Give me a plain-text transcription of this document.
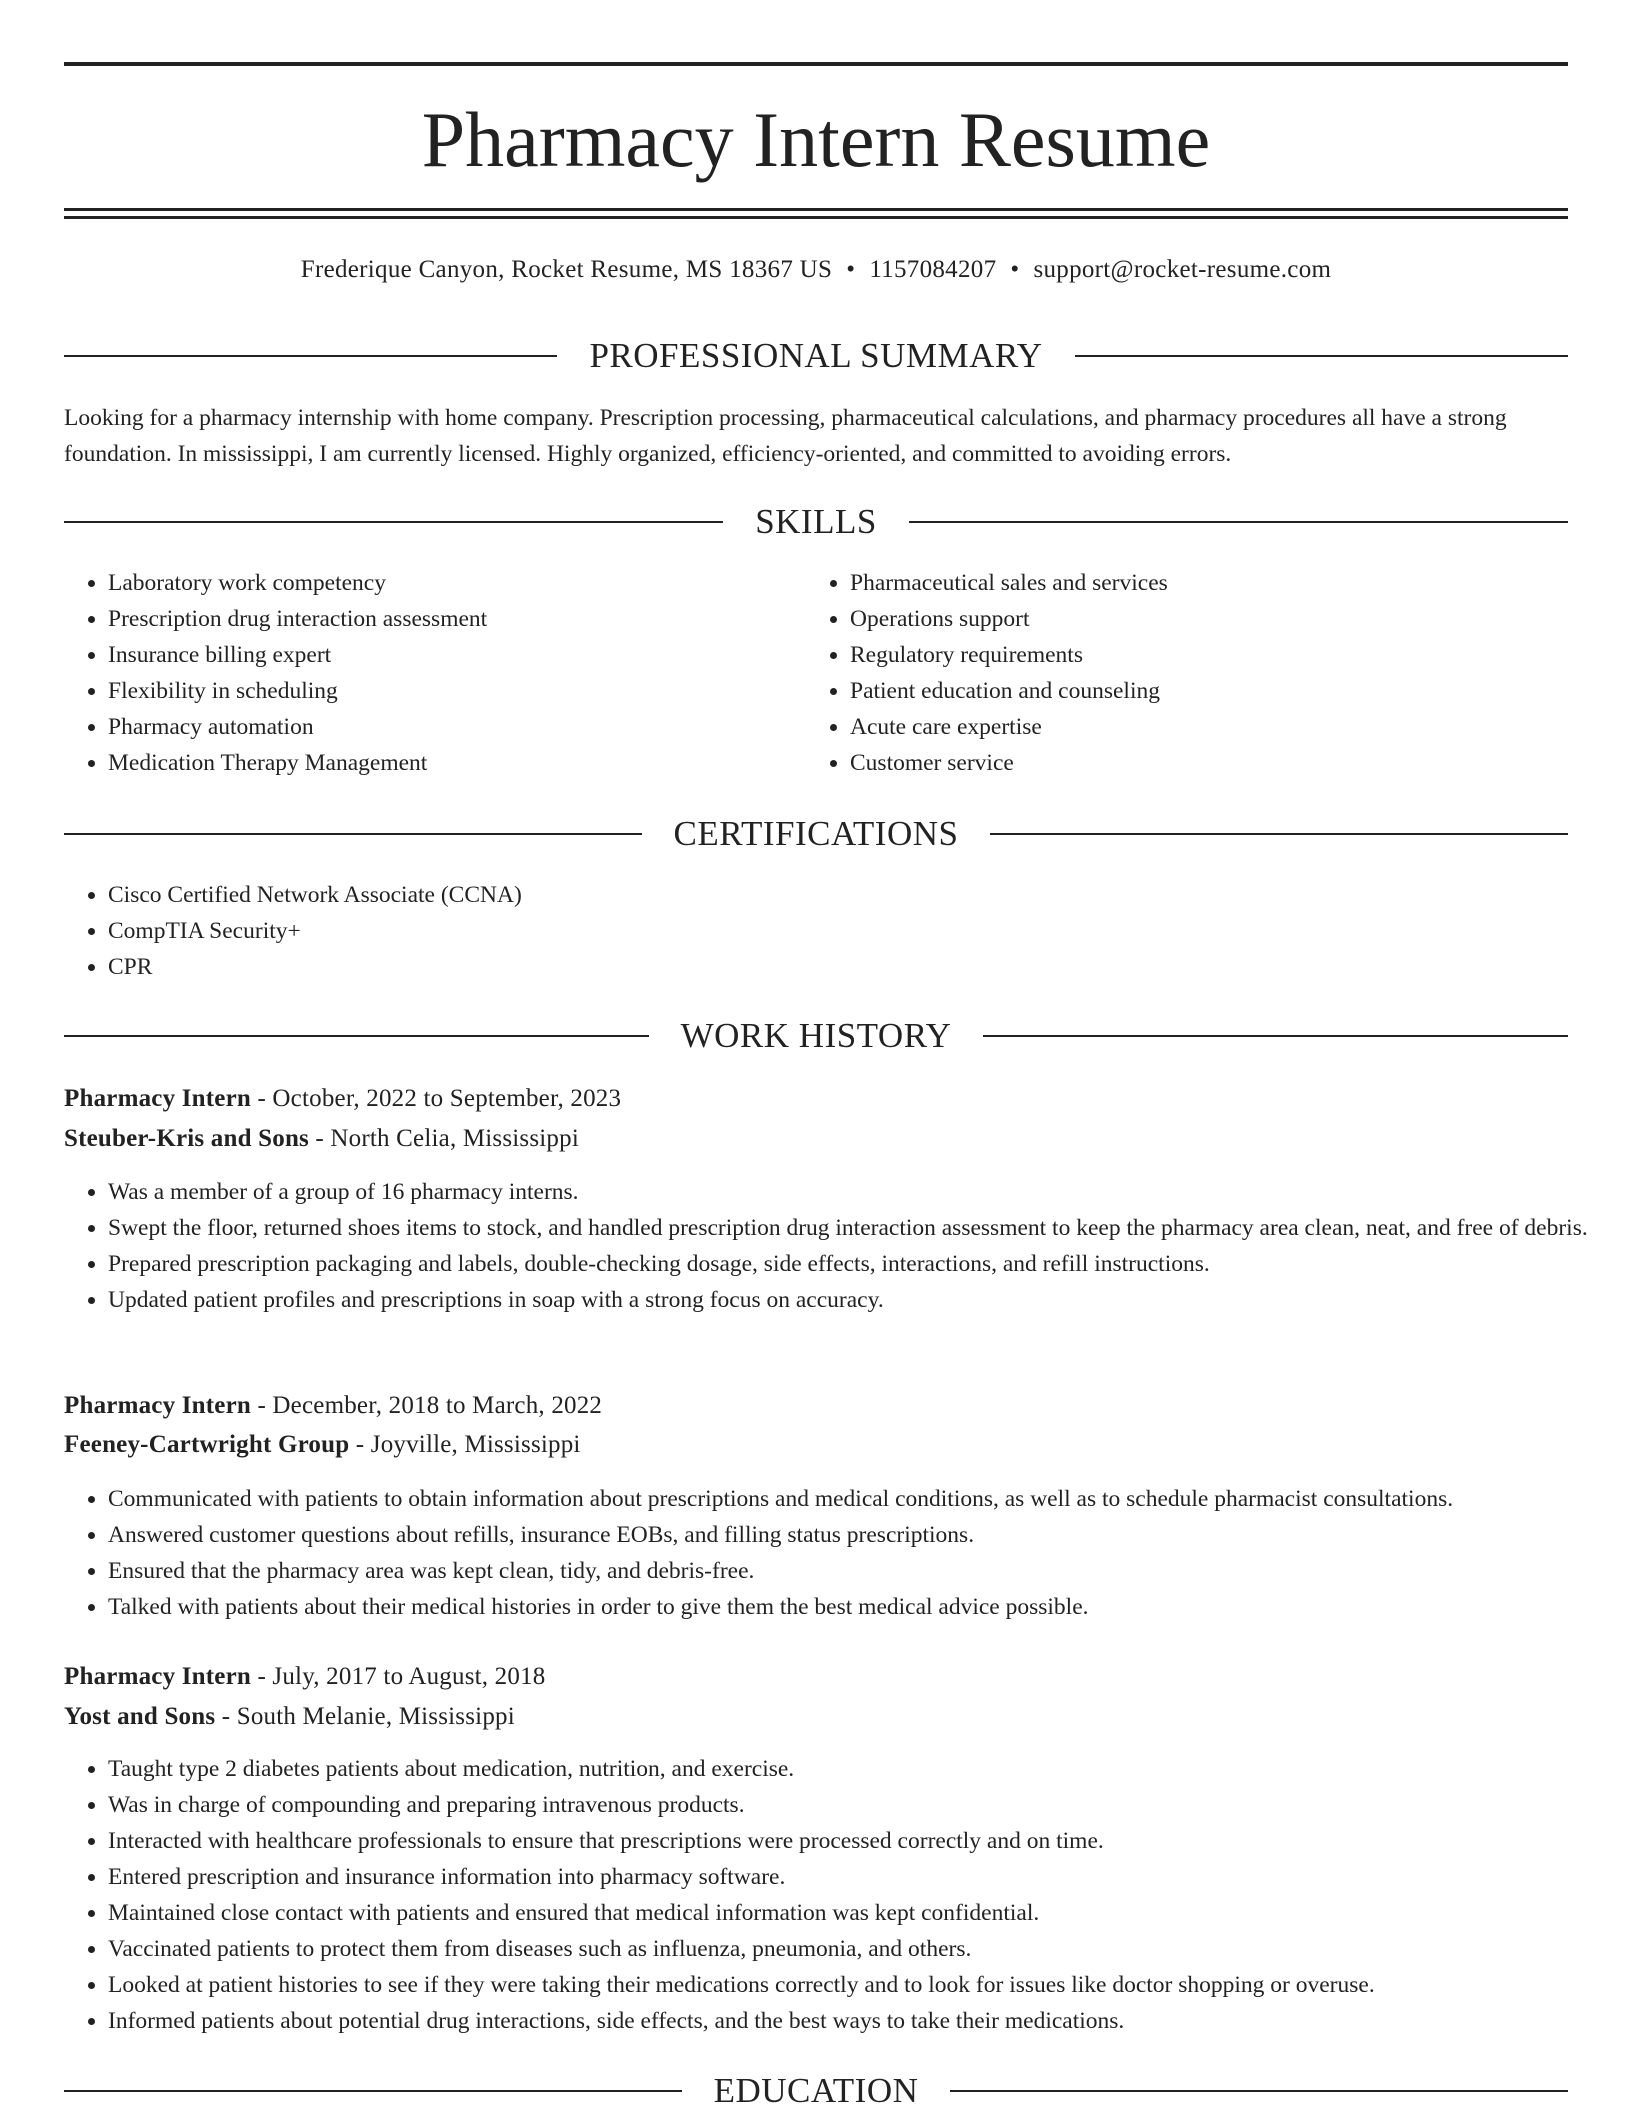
Pharmacy Intern Resume
Frederique Canyon, Rocket Resume, MS 18367 US • 1157084207 • support@rocket-resume.com
PROFESSIONAL SUMMARY

Looking for a pharmacy internship with home company. Prescription processing, pharmaceutical calculations, and pharmacy procedures all have a strong foundation. In mississippi, I am currently licensed. Highly organized, efficiency-oriented, and committed to avoiding errors.

SKILLS
• Laboratory work competency
• Prescription drug interaction assessment
• Insurance billing expert
• Flexibility in scheduling
• Pharmacy automation
• Medication Therapy Management
• Pharmaceutical sales and services
• Operations support
• Regulatory requirements
• Patient education and counseling
• Acute care expertise
• Customer service
CERTIFICATIONS
• Cisco Certified Network Associate (CCNA)
• CompTIA Security+
• CPR
WORK HISTORY
Pharmacy Intern - October, 2022 to September, 2023
Steuber-Kris and Sons - North Celia, Mississippi
• Was a member of a group of 16 pharmacy interns.
• Swept the floor, returned shoes items to stock, and handled prescription drug interaction assessment to keep the pharmacy area clean, neat, and free of debris.
• Prepared prescription packaging and labels, double-checking dosage, side effects, interactions, and refill instructions.
• Updated patient profiles and prescriptions in soap with a strong focus on accuracy.
Pharmacy Intern - December, 2018 to March, 2022
Feeney-Cartwright Group - Joyville, Mississippi
• Communicated with patients to obtain information about prescriptions and medical conditions, as well as to schedule pharmacist consultations.
• Answered customer questions about refills, insurance EOBs, and filling status prescriptions.
• Ensured that the pharmacy area was kept clean, tidy, and debris-free.
• Talked with patients about their medical histories in order to give them the best medical advice possible.
Pharmacy Intern - July, 2017 to August, 2018
Yost and Sons - South Melanie, Mississippi
• Taught type 2 diabetes patients about medication, nutrition, and exercise.
• Was in charge of compounding and preparing intravenous products.
• Interacted with healthcare professionals to ensure that prescriptions were processed correctly and on time.
• Entered prescription and insurance information into pharmacy software.
• Maintained close contact with patients and ensured that medical information was kept confidential.
• Vaccinated patients to protect them from diseases such as influenza, pneumonia, and others.
• Looked at patient histories to see if they were taking their medications correctly and to look for issues like doctor shopping or overuse.
• Informed patients about potential drug interactions, side effects, and the best ways to take their medications.
EDUCATION
